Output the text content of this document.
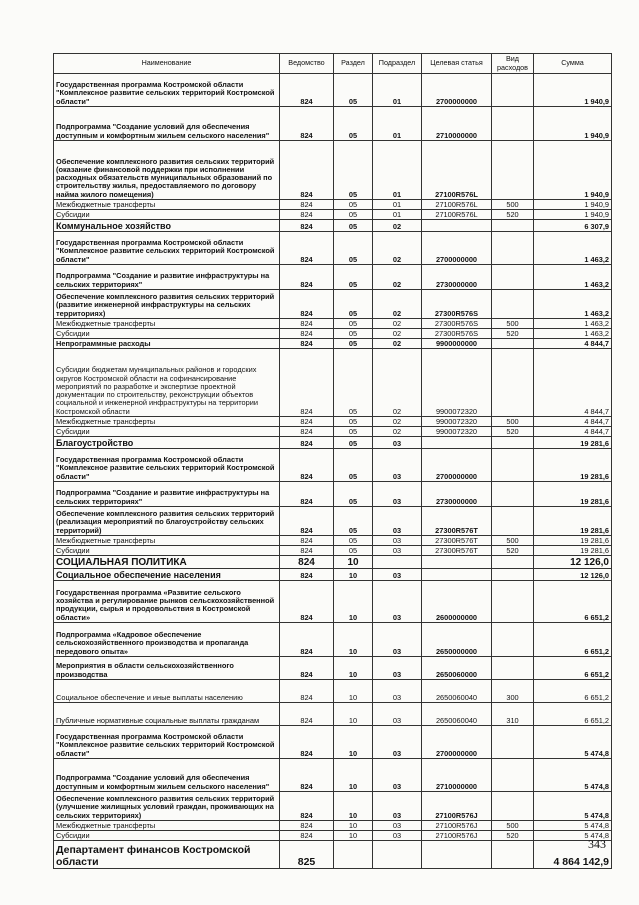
Наименование	Ведомство	Раздел	Подраздел	Целевая статья	Вид расходов	Сумма
Государственная программа Костромской области "Комплексное развитие сельских территорий Костромской области"	824	05	01	2700000000		1 940,9
Подпрограмма "Создание условий для обеспечения доступным и комфортным жильем сельского населения"	824	05	01	2710000000		1 940,9
Обеспечение комплексного развития сельских территорий (оказание финансовой поддержки при исполнении расходных обязательств муниципальных образований по строительству жилья, предоставляемого по договору найма жилого помещения)	824	05	01	27100R576L		1 940,9
Межбюджетные трансферты	824	05	01	27100R576L	500	1 940,9
Субсидии	824	05	01	27100R576L	520	1 940,9
Коммунальное хозяйство	824	05	02			6 307,9
Государственная программа Костромской области "Комплексное развитие сельских территорий Костромской области"	824	05	02	2700000000		1 463,2
Подпрограмма "Создание и развитие инфраструктуры на сельских территориях"	824	05	02	2730000000		1 463,2
Обеспечение комплексного развития сельских территорий (развитие инженерной инфраструктуры на сельских территориях)	824	05	02	27300R576S		1 463,2
Межбюджетные трансферты	824	05	02	27300R576S	500	1 463,2
Субсидии	824	05	02	27300R576S	520	1 463,2
Непрограммные расходы	824	05	02	9900000000		4 844,7
Субсидии бюджетам муниципальных районов и городских округов Костромской области на софинансирование мероприятий по разработке и экспертизе проектной документации по строительству, реконструкции объектов социальной и инженерной инфраструктуры на территории Костромской области	824	05	02	9900072320		4 844,7
Межбюджетные трансферты	824	05	02	9900072320	500	4 844,7
Субсидии	824	05	02	9900072320	520	4 844,7
Благоустройство	824	05	03			19 281,6
Государственная программа Костромской области "Комплексное развитие сельских территорий Костромской области"	824	05	03	2700000000		19 281,6
Подпрограмма "Создание и развитие инфраструктуры на сельских территориях"	824	05	03	2730000000		19 281,6
Обеспечение комплексного развития сельских территорий (реализация мероприятий по благоустройству сельских территорий)	824	05	03	27300R576T		19 281,6
Межбюджетные трансферты	824	05	03	27300R576T	500	19 281,6
Субсидии	824	05	03	27300R576T	520	19 281,6
СОЦИАЛЬНАЯ ПОЛИТИКА	824	10				12 126,0
Социальное обеспечение населения	824	10	03			12 126,0
Государственная программа «Развитие сельского хозяйства и регулирование рынков сельскохозяйственной продукции, сырья и продовольствия в Костромской области»	824	10	03	2600000000		6 651,2
Подпрограмма «Кадровое обеспечение сельскохозяйственного производства и пропаганда передового опыта»	824	10	03	2650000000		6 651,2
Мероприятия в области сельскохозяйственного производства	824	10	03	2650060000		6 651,2
Социальное обеспечение и иные выплаты населению	824	10	03	2650060040	300	6 651,2
Публичные нормативные социальные выплаты гражданам	824	10	03	2650060040	310	6 651,2
Государственная программа Костромской области "Комплексное развитие сельских территорий Костромской области"	824	10	03	2700000000		5 474,8
Подпрограмма "Создание условий для обеспечения доступным и комфортным жильем сельского населения"	824	10	03	2710000000		5 474,8
Обеспечение комплексного развития сельских территорий (улучшение жилищных условий граждан, проживающих на сельских территориях)	824	10	03	27100R576J		5 474,8
Межбюджетные трансферты	824	10	03	27100R576J	500	5 474,8
Субсидии	824	10	03	27100R576J	520	5 474,8
Департамент финансов Костромской области	825					4 864 142,9
343
